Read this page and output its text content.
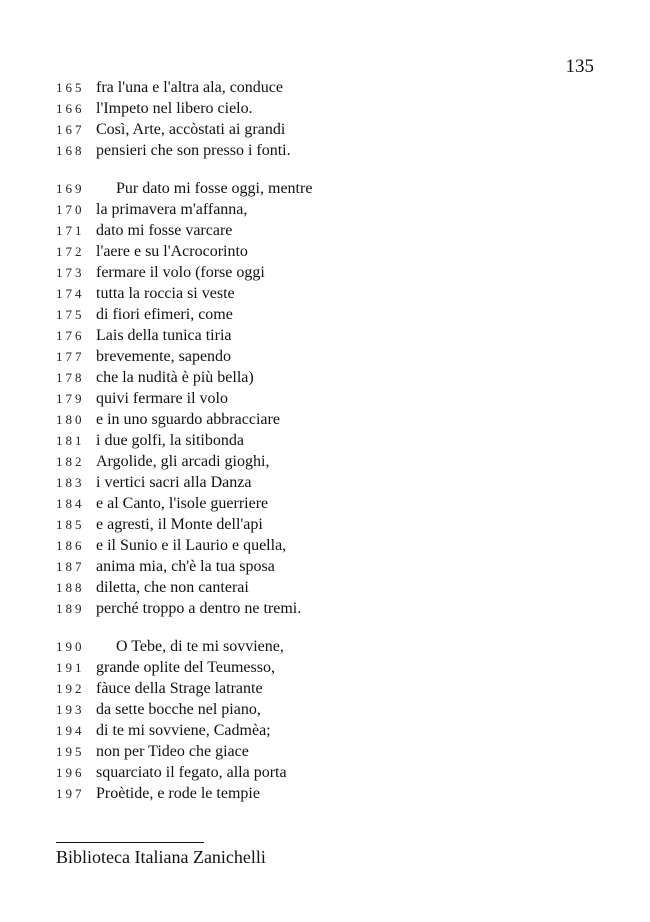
135
165 fra l'una e l'altra ala, conduce
166 l'Impeto nel libero cielo.
167 Così, Arte, accòstati ai grandi
168 pensieri che son presso i fonti.
169	Pur dato mi fosse oggi, mentre
170 la primavera m'affanna,
171 dato mi fosse varcare
172 l'aere e su l'Acrocorinto
173 fermare il volo (forse oggi
174 tutta la roccia si veste
175 di fiori efimeri, come
176 Lais della tunica tiria
177 brevemente, sapendo
178 che la nudità è più bella)
179 quivi fermare il volo
180 e in uno sguardo abbracciare
181 i due golfi, la sitibonda
182 Argolide, gli arcadi gioghi,
183 i vertici sacri alla Danza
184 e al Canto, l'isole guerriere
185 e agresti, il Monte dell'api
186 e il Sunio e il Laurio e quella,
187 anima mia, ch'è la tua sposa
188 diletta, che non canterai
189 perché troppo a dentro ne tremi.
190	O Tebe, di te mi sovviene,
191 grande oplite del Teumesso,
192 fàuce della Strage latrante
193 da sette bocche nel piano,
194 di te mi sovviene, Cadmèa;
195 non per Tideo che giace
196 squarciato il fegato, alla porta
197 Proètide, e rode le tempie
Biblioteca Italiana Zanichelli
